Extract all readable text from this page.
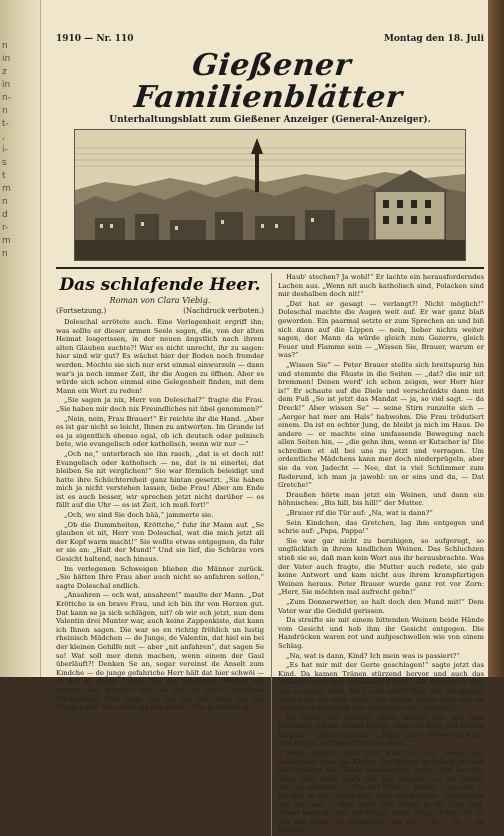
n
in
z
in
n-
n
t-
,
i-
s
t
m
n
d
r-
m
n
1910 — Nr. 110	Montag den 18. Juli
Gießener Familienblätter
Unterhaltungsblatt zum Gießener Anzeiger (General-Anzeiger).
GIESSEN VOM SCHLOSSE
Das schlafende Heer.
Roman von Clara Viebig.
(Fortsetzung.)	(Nachdruck verboten.)

Doleschal errötete auch. Eine Verlegenheit ergriff ihn; was sollte er dieser armen Seele sagen, die, von der alten Heimat losgerissen, in der neuen ängstlich nach ihrem alten Glauben suchte?! War es nicht unrecht, ihr zu sagen: hier sind wir gut? Es wächst hier der Boden noch fremder werden. Mochte sie sich nur erst einmal einwurzeln — dann war's ja noch immer Zeit, ihr die Augen zu öffnen. Aber es würde sich schon einmal eine Gelegenheit finden, mit dem Mann ein Wort zu reden!

„Sie sagen ja nix, Herr von Doleschal?“ fragte die Frau. „Sie haben mir doch nix Freundliches nit übel genommen?“

„Nein, nein, Frau Brauer!“ Er reichte ihr die Hand. „Aber es ist gar nicht so leicht, Ihnen zu antworten. Im Grunde ist es ja eigentlich ebenso egal, ob ich deutsch oder polnisch bete, wie evangelisch oder katholisch, wenn wir nur —“

„Och ne,“ unterbrach sie ihn rasch, „dat is et doch nit! Evangelisch oder katholisch — ne, dat is ni einerlei, dat bleiben Se nit verglichen!“ Sie war förmlich beleidigt und hatte ihre Schüchternheit ganz hintan gesetzt. „Sie haben mich ja nicht verstehen lassen, liebe Frau! Aber am Ende ist es auch besser, wir sprechen jetzt nicht darüber — es fällt auf die Uhr — es ist Zeit, ich muß fort!“

„Och, wo sind Sie doch bää,“ jammerte sie.

„Ob die Dummheiten, Kröttche,“ fuhr ihr Mann auf. „Se glauben et nit, Herr von Doleschal, wat die mich jetzt all der Kopf warm macht!“ Sie wollte etwas entgegnen, da fuhr er sie an: „Halt der Mund!“ Und sie lief, die Schürze vors Gesicht haltend, nach hinaus.

Im verlegenen Schweigen blieben die Männer zurück. „Sie hätten Ihre Frau aber auch nicht so anfahren sollen,“ sagte Doleschal endlich.

„Ansahren — och wat, ansahren!“ maulte der Mann. „Dat Kröttche is en brave Frau, und ich bin ihr von Herzen gut. Dat kann se ja sich schlägen, nit? ob wir och jetzt, nun dem Valentin drei Munter war, auch keine Zappenkiste, dat kann ich Ihnen sagen. Die war so en richtig fröhlich un lustig rheinisch Mädchen — de Junge, de Valentin, dat hiel ein bei der kleinen Gehilfe mit — aber „nit anfahren“, dat sagen Se so! Wat soll mer denn machen, wenn einem der Gaul überläuft?! Denken Se an, sogar vereinst de Anselt zum Kindche — de junge gefahriche Herr hält dat hier schwöi — et soll en Junge zugen, wie die polnischen Weiber vor tragen, dat gehöhrt sich so für en gute christliche Kirchenfrau! Und lengt hat me dat sich jetzt bei der Prosper ah!! Dat wollte sie ihm schön! Nun is zwiwer en

Haub' stechen? Ja wohl!“ Er lachte ein herausforderndes Lachen aus. „Wenn nit auch katholisch sind, Polacken sind mir deshalben doch nit!“

„Dat hat er gesagt — verlangt?! Nicht möglich!“ Doleschal machte die Augen weit auf. Er war ganz blaß geworden. Ein paarmal setzte er zum Sprechen an und biß sich dann auf die Lippen — nein, lieber nichts weiter sagen, der Mann da würde gleich zum Gezerre, gleich Feuer und Flamme sein — „Wissen Sie, Brauer, warum er was?“

„Wissen Sie“ — Peter Brauer stellte sich breitspurig hin und stemmte die Fäuste in die Seiten — „dat? die mir nit bremmen! Denen werd' ich schon zeigen, wer Herr hier is!“ Er schaute auf die Diele und verschränkte dann mit dem Fuß „So ist jetzt das Mandat — ja, so viel sagt. — da Dreck!“ Aber wissen Se“ — seine Stirn runzelte sich — „Aerger hat mer am Hals“ bahwohm. Die Frau trödutiert einem. Da ist en echter Jung, de bleibt ja nich im Haus. De andere — er machte eine umfassende Bewegung nach allen Seiten hin, — „die gehn ihm, wenn er Kutscher is! Die schreiben et all bei uns zu jetzt und verragen. Um ordentliche Mädchens kann mer doch niederprügeln, aber sie da von Jadecht — Nee, dat is viel Schlimmer zum Rederund, ich man ja jawohl: un er eins und da, — Dat Gretche!“

Draußen hörte man jetzt ein Weinen, und dann ein höhnisches: „Bis hill, bis hill!“ der Mutter.

„Brauer rif die Tür auf: „Na, wat is dann?“

Sein Kindchen, das Gretchen, lag ihm entgegen und schrie auf: „Papa, Pappa!“

Sie war gar nicht zu beruhigen, so aufgeregt, so unglücklich in ihrem kindlichen Weinen. Das Schluchzen stieß sie so, daß man kein Wort aus ihr herausbrachte. Was der Vater auch fragte, die Mutter auch redete, sie gab keine Antwort und kam nicht aus ihrem krampfartigen Weinen heraus. Peter Brauer wurde ganz rot vor Zorn: „Herr, Sie möchten mal aufrecht gehn!“

„Zum Donnerwetter, so halt doch den Mund mit!“ Dem Vater war die Geduld gerissen.

Da streifte sie mit einem bittenden Weinen beide Hände vom Gesicht und hob ihm ihr Gesicht entgegen. Die Handrücken waren rot und aufgeschwollen wie von einem Schlag.

„Na, wat is dann, Kind? Ich mein was is passiert?“

„Es hat mir mit der Gerte geschlagen!“ sagte jetzt das Kind. Da kamen Tränen stürzend hervor und auch das Mädchen und ihm verbanden Eltern; alle fragten es aus, was es getan habe. Kind noch nicht! Dem hab ich gesagt: „Das weiß ich doch nich!“ Die Kleine wurde ganz rot, du und ich ich ganz still ihm, weißt du, nich? Antwort!“

Da hörte das Weinen, Peter Brauer sah mit dem Nachbarn auf die Straße hinaus, ohne ein Wort, mit blauen Lippen, — sehr bestimmt — „Papa“ sagte Weber das Kind, „die Pappa, wo Pappa-Frau erscheint.“

Peter Brauer hielt sein Kind an der Hand; der Schluchzen aber die Kleine, die Mutter im Schoß ihr und hielt bewegt die Hände auseinander, verbat ihm hart die Arme weg. Vater war's und dem Bauern, und die Mutter aber zu schreien — „Was da? Polen — Kinder — was ihr — Ja! Was ist das? Mach fort! Aber der Kleinen: ,Gendarmen seh ich’ und — Aber nicht sich Hände in die Luft, und: „Vater kann mir mit der Polack schon Sitte, es hat rot! Er soll mal sehen, so schimpfen, daß sie — de — de — be Polack!“
